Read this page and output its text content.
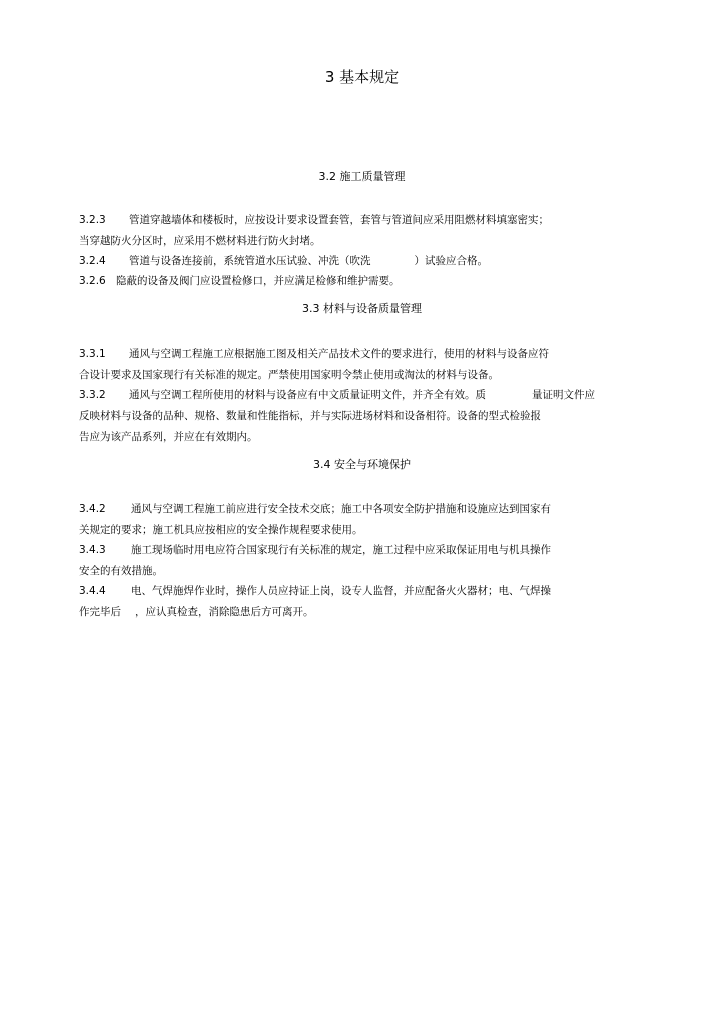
3 基本规定
3.2 施工质量管理
3.2.3 管道穿越墙体和楼板时，应按设计要求设置套管，套管与管道间应采用阻燃材料填塞密实；
当穿越防火分区时，应采用不燃材料进行防火封堵。
3.2.4 管道与设备连接前，系统管道水压试验、冲洗（吹洗	）试验应合格。
3.2.6 隐蔽的设备及阀门应设置检修口，并应满足检修和维护需要。
3.3 材料与设备质量管理
3.3.1 通风与空调工程施工应根据施工图及相关产品技术文件的要求进行，使用的材料与设备应符
合设计要求及国家现行有关标准的规定。严禁使用国家明令禁止使用或淘汰的材料与设备。
3.3.2 通风与空调工程所使用的材料与设备应有中文质量证明文件，并齐全有效。质	量证明文件应
反映材料与设备的品种、规格、数量和性能指标，并与实际进场材料和设备相符。设备的型式检验报
告应为该产品系列，并应在有效期内。
3.4 安全与环境保护
3.4.2 通风与空调工程施工前应进行安全技术交底；施工中各项安全防护措施和设施应达到国家有
关规定的要求；施工机具应按相应的安全操作规程要求使用。
3.4.3 施工现场临时用电应符合国家现行有关标准的规定，施工过程中应采取保证用电与机具操作
安全的有效措施。
3.4.4 电、气焊施焊作业时，操作人员应持证上岗，设专人监督，并应配备火火器材；电、气焊操
作完毕后 ，应认真检查，消除隐患后方可离开。
